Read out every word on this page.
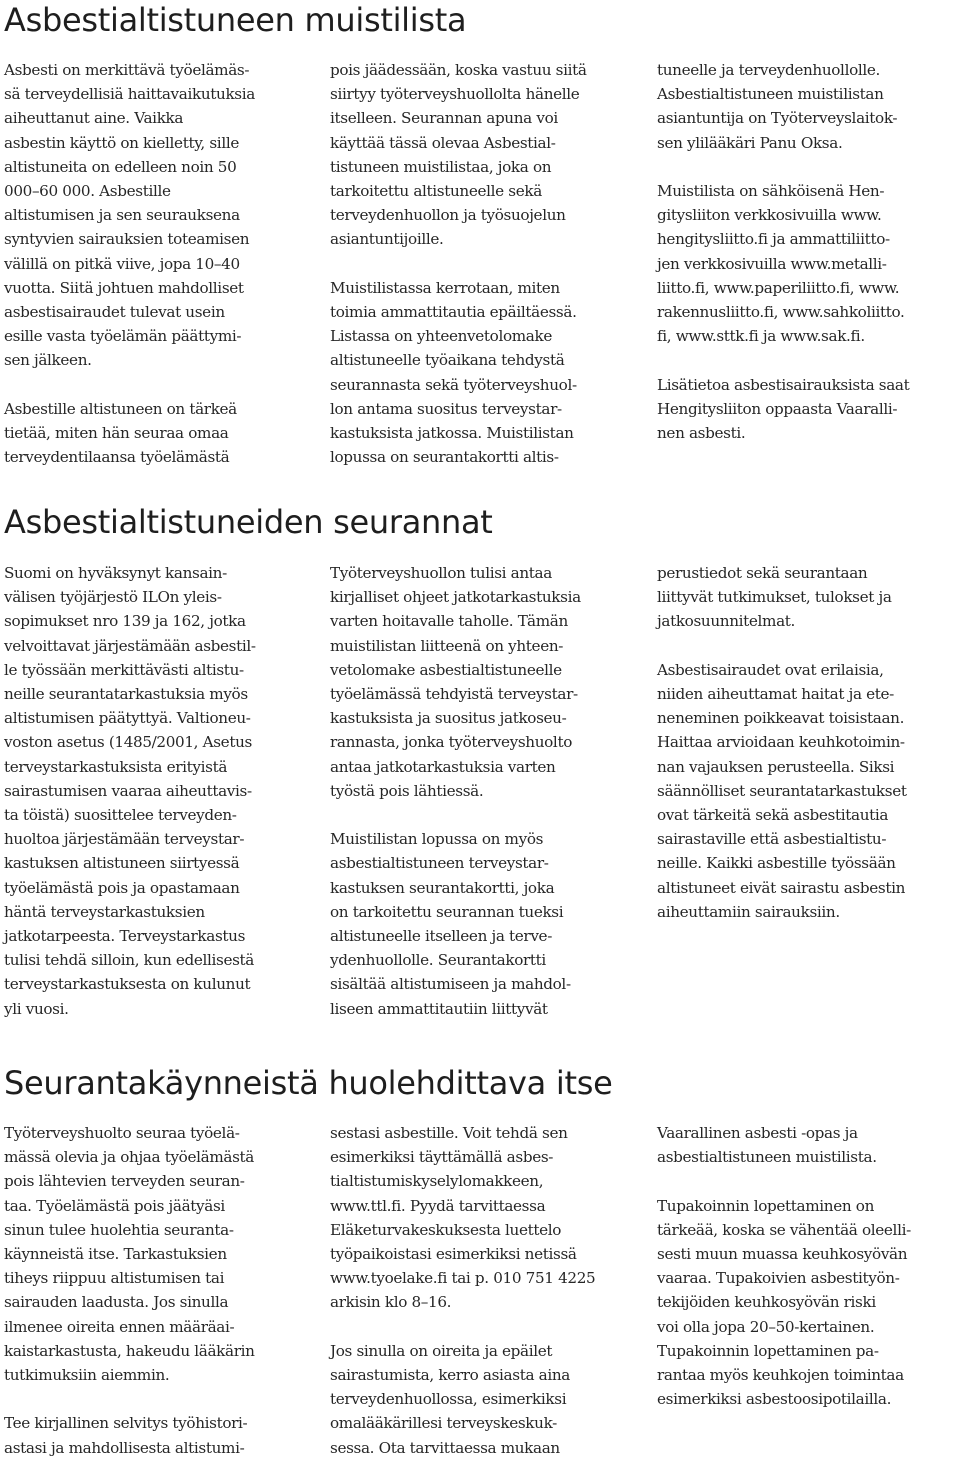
Asbestialtistuneen muistilista

Asbesti on merkittävä työelämäs-
sä terveydellisiä haittavaikutuksia
aiheuttanut aine. Vaikka
asbestin käyttö on kielletty, sille
altistuneita on edelleen noin 50
000–60 000. Asbestille
altistumisen ja sen seurauksena
syntyvien sairauksien toteamisen
välillä on pitkä viive, jopa 10–40
vuotta. Siitä johtuen mahdolliset
asbestisairaudet tulevat usein
esille vasta työelämän päättymi-
sen jälkeen.

Asbestille altistuneen on tärkeä
tietää, miten hän seuraa omaa
terveydentilaansa työelämästä

pois jäädessään, koska vastuu siitä
siirtyy työterveyshuollolta hänelle
itselleen. Seurannan apuna voi
käyttää tässä olevaa Asbestial-
tistuneen muistilistaa, joka on
tarkoitettu altistuneelle sekä
terveydenhuollon ja työsuojelun
asiantuntijoille.

Muistilistassa kerrotaan, miten
toimia ammattitautia epäiltäessä.
Listassa on yhteenvetolomake
altistuneelle työaikana tehdystä
seurannasta sekä työterveyshuol-
lon antama suositus terveystar-
kastuksista jatkossa. Muistilistan
lopussa on seurantakortti altis-

tuneelle ja terveydenhuollolle.
Asbestialtistuneen muistilistan
asiantuntija on Työterveyslaitok-
sen ylilääkäri Panu Oksa.

Muistilista on sähköisenä Hen-
gitysliiton verkkosivuilla www.
hengitysliitto.fi ja ammattiliitto-
jen verkkosivuilla www.metalli-
liitto.fi, www.paperiliitto.fi, www.
rakennusliitto.fi, www.sahkoliitto.
fi, www.sttk.fi ja www.sak.fi.

Lisätietoa asbestisairauksista saat
Hengitysliiton oppaasta Vaaralli-
nen asbesti.

Asbestialtistuneiden seurannat

Suomi on hyväksynyt kansain-
välisen työjärjestö ILOn yleis-
sopimukset nro 139 ja 162, jotka
velvoittavat järjestämään asbestil-
le työssään merkittävästi altistu-
neille seurantatarkastuksia myös
altistumisen päätyttyä. Valtioneu-
voston asetus (1485/2001, Asetus
terveystarkastuksista erityistä
sairastumisen vaaraa aiheuttavis-
ta töistä) suosittelee terveyden-
huoltoa järjestämään terveystar-
kastuksen altistuneen siirtyessä
työelämästä pois ja opastamaan
häntä terveystarkastuksien
jatkotarpeesta. Terveystarkastus
tulisi tehdä silloin, kun edellisestä
terveystarkastuksesta on kulunut
yli vuosi.

Työterveyshuollon tulisi antaa
kirjalliset ohjeet jatkotarkastuksia
varten hoitavalle taholle. Tämän
muistilistan liitteenä on yhteen-
vetolomake asbestialtistuneelle
työelämässä tehdyistä terveystar-
kastuksista ja suositus jatkoseu-
rannasta, jonka työterveyshuolto
antaa jatkotarkastuksia varten
työstä pois lähtiessä.

Muistilistan lopussa on myös
asbestialtistuneen terveystar-
kastuksen seurantakortti, joka
on tarkoitettu seurannan tueksi
altistuneelle itselleen ja terve-
ydenhuollolle. Seurantakortti
sisältää altistumiseen ja mahdol-
liseen ammattitautiin liittyvät

perustiedot sekä seurantaan
liittyvät tutkimukset, tulokset ja
jatkosuunnitelmat.

Asbestisairaudet ovat erilaisia,
niiden aiheuttamat haitat ja ete-
neneminen poikkeavat toisistaan.
Haittaa arvioidaan keuhkotoimin-
nan vajauksen perusteella. Siksi
säännölliset seurantatarkastukset
ovat tärkeitä sekä asbestitautia
sairastaville että asbestialtistu-
neille. Kaikki asbestille työssään
altistuneet eivät sairastu asbestin
aiheuttamiin sairauksiin.

Seurantakäynneistä huolehdittava itse

Työterveyshuolto seuraa työelä-
mässä olevia ja ohjaa työelämästä
pois lähtevien terveyden seuran-
taa. Työelämästä pois jäätyäsi
sinun tulee huolehtia seuranta-
käynneistä itse. Tarkastuksien
tiheys riippuu altistumisen tai
sairauden laadusta. Jos sinulla
ilmenee oireita ennen määräai-
kaistarkastusta, hakeudu lääkärin
tutkimuksiin aiemmin.

Tee kirjallinen selvitys työhistori-
astasi ja mahdollisesta altistumi-

sestasi asbestille. Voit tehdä sen
esimerkiksi täyttämällä asbes-
tialtistumiskyselylomakkeen,
www.ttl.fi. Pyydä tarvittaessa
Eläketurvakeskuksesta luettelo
työpaikoistasi esimerkiksi netissä
www.tyoelake.fi tai p. 010 751 4225
arkisin klo 8–16.

Jos sinulla on oireita ja epäilet
sairastumista, kerro asiasta aina
terveydenhuollossa, esimerkiksi
omalääkärillesi terveyskeskuk-
sessa. Ota tarvittaessa mukaan

Vaarallinen asbesti -opas ja
asbestialtistuneen muistilista.

Tupakoinnin lopettaminen on
tärkeää, koska se vähentää oleelli-
sesti muun muassa keuhkosyövän
vaaraa. Tupakoivien asbestityön-
tekijöiden keuhkosyövän riski
voi olla jopa 20–50-kertainen.
Tupakoinnin lopettaminen pa-
rantaa myös keuhkojen toimintaa
esimerkiksi asbestoosipotilailla.
